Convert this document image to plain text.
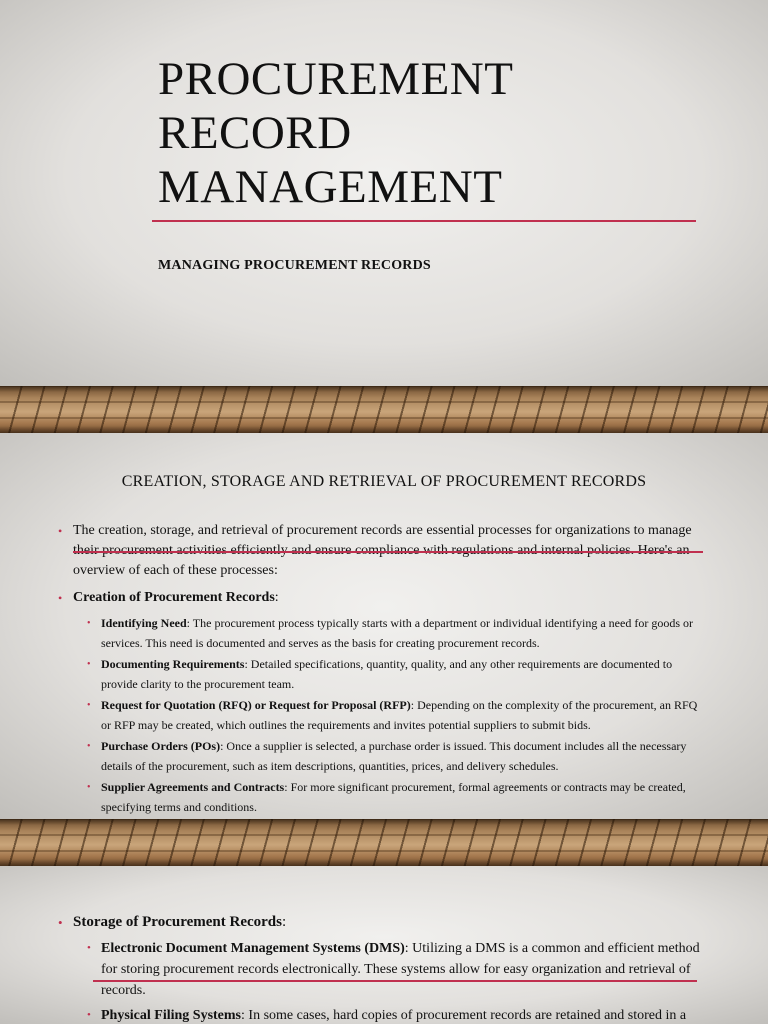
PROCUREMENT
RECORD
MANAGEMENT

MANAGING PROCUREMENT RECORDS

CREATION, STORAGE AND RETRIEVAL OF PROCUREMENT RECORDS
• The creation, storage, and retrieval of procurement records are essential processes for organizations to manage overview of each of these processes:
• Creation of Procurement Records:
• Identifying Need: The procurement process typically starts with a department or individual identifying a need for goods or services. This need is documented and serves as the basis for creating procurement records.
• Documenting Requirements: Detailed specifications, quantity, quality, and any other requirements are documented to provide clarity to the procurement team.
• Request for Quotation (RFQ) or Request for Proposal (RFP): Depending on the complexity of the procurement, an RFQ or RFP may be created, which outlines the requirements and invites potential suppliers to submit bids.
• Purchase Orders (POs): Once a supplier is selected, a purchase order is issued. This document includes all the necessary details of the procurement, such as item descriptions, quantities, prices, and delivery schedules.
• Supplier Agreements and Contracts: For more significant procurement, formal agreements or contracts may be created, specifying terms and conditions.
• Storage of Procurement Records:
• Electronic Document Management Systems (DMS): Utilizing a DMS is a common and efficient method for storing procurement records electronically. These systems allow for easy organization and retrieval of records.
• Physical Filing Systems: In some cases, hard copies of procurement records are retained and stored in a
